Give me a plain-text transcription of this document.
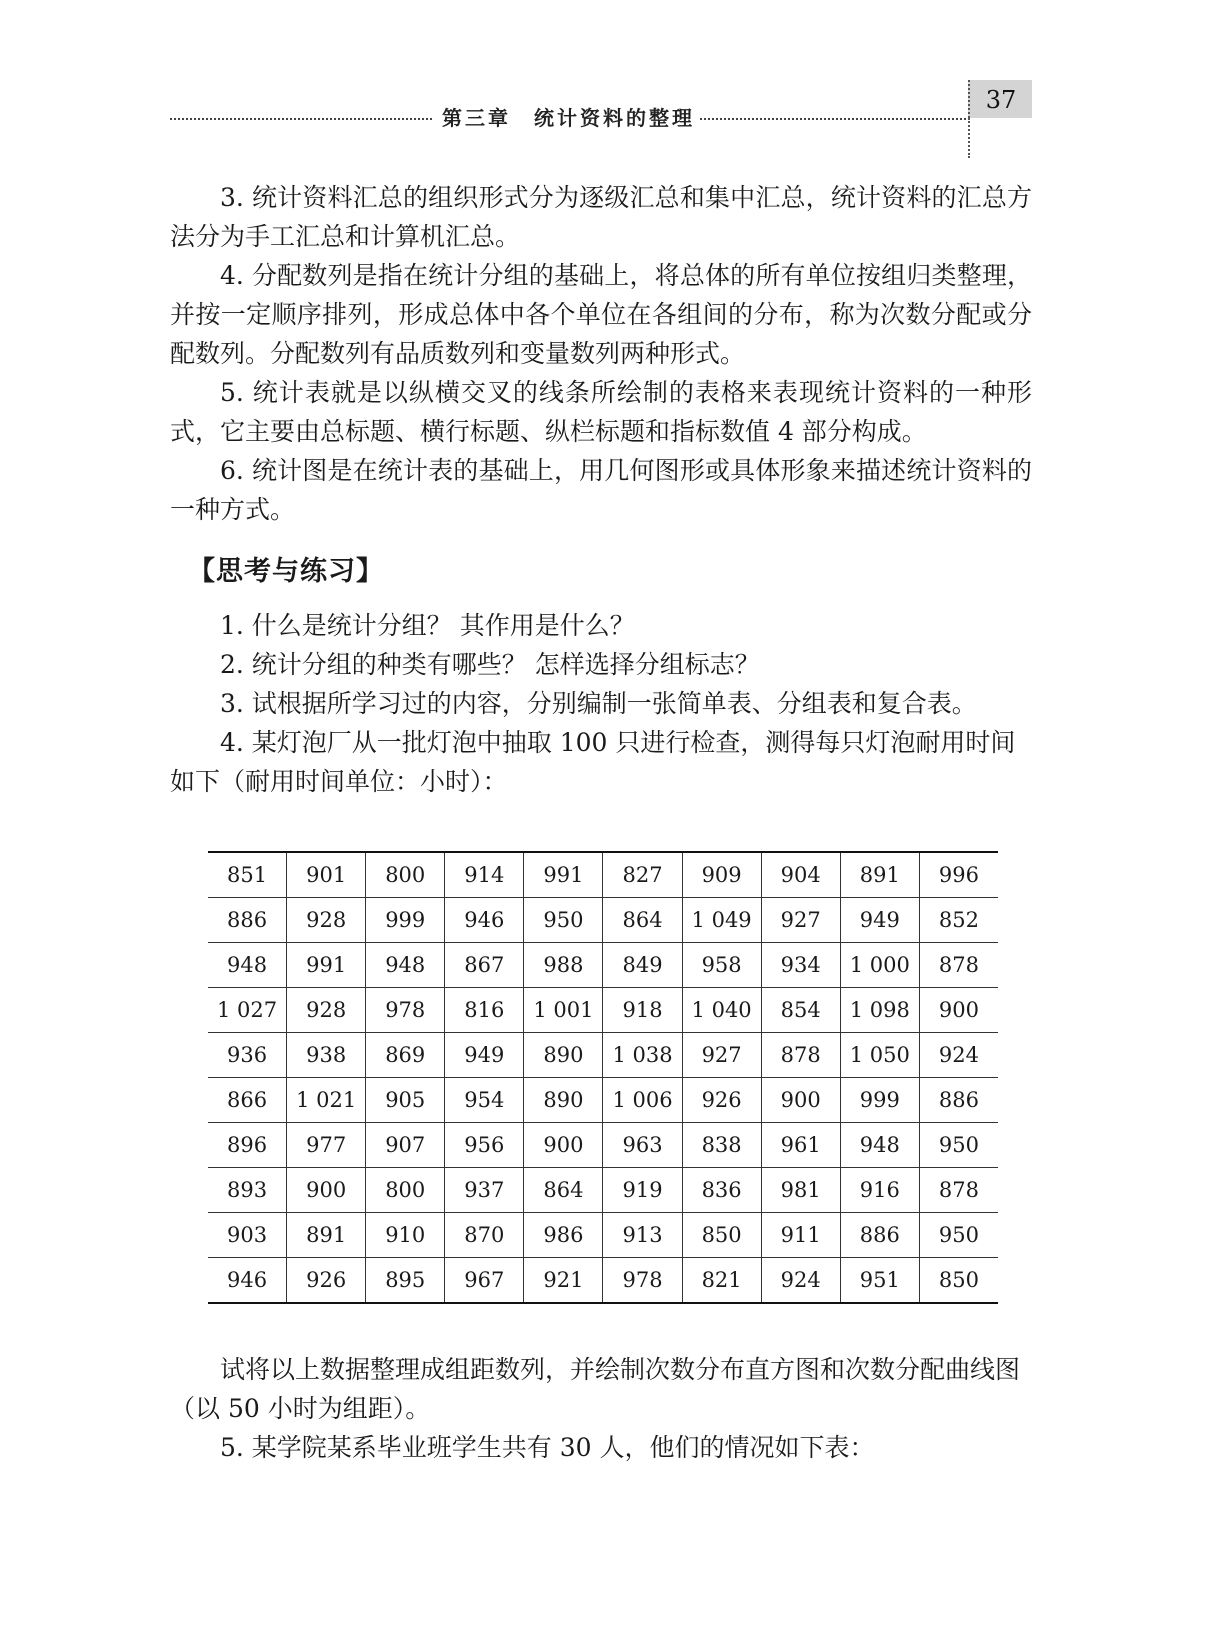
第三章　统计资料的整理
37

3. 统计资料汇总的组织形式分为逐级汇总和集中汇总，统计资料的汇总方法分为手工汇总和计算机汇总。

4. 分配数列是指在统计分组的基础上，将总体的所有单位按组归类整理，并按一定顺序排列，形成总体中各个单位在各组间的分布，称为次数分配或分配数列。分配数列有品质数列和变量数列两种形式。

5. 统计表就是以纵横交叉的线条所绘制的表格来表现统计资料的一种形式，它主要由总标题、横行标题、纵栏标题和指标数值 4 部分构成。

6. 统计图是在统计表的基础上，用几何图形或具体形象来描述统计资料的一种方式。

【思考与练习】

1. 什么是统计分组？ 其作用是什么？

2. 统计分组的种类有哪些？ 怎样选择分组标志？

3. 试根据所学习过的内容，分别编制一张简单表、分组表和复合表。

4. 某灯泡厂从一批灯泡中抽取 100 只进行检查，测得每只灯泡耐用时间如下（耐用时间单位：小时）：

851	901	800	914	991	827	909	904	891	996
886	928	999	946	950	864	1 049	927	949	852
948	991	948	867	988	849	958	934	1 000	878
1 027	928	978	816	1 001	918	1 040	854	1 098	900
936	938	869	949	890	1 038	927	878	1 050	924
866	1 021	905	954	890	1 006	926	900	999	886
896	977	907	956	900	963	838	961	948	950
893	900	800	937	864	919	836	981	916	878
903	891	910	870	986	913	850	911	886	950
946	926	895	967	921	978	821	924	951	850

试将以上数据整理成组距数列，并绘制次数分布直方图和次数分配曲线图（以 50 小时为组距）。

5. 某学院某系毕业班学生共有 30 人，他们的情况如下表：
